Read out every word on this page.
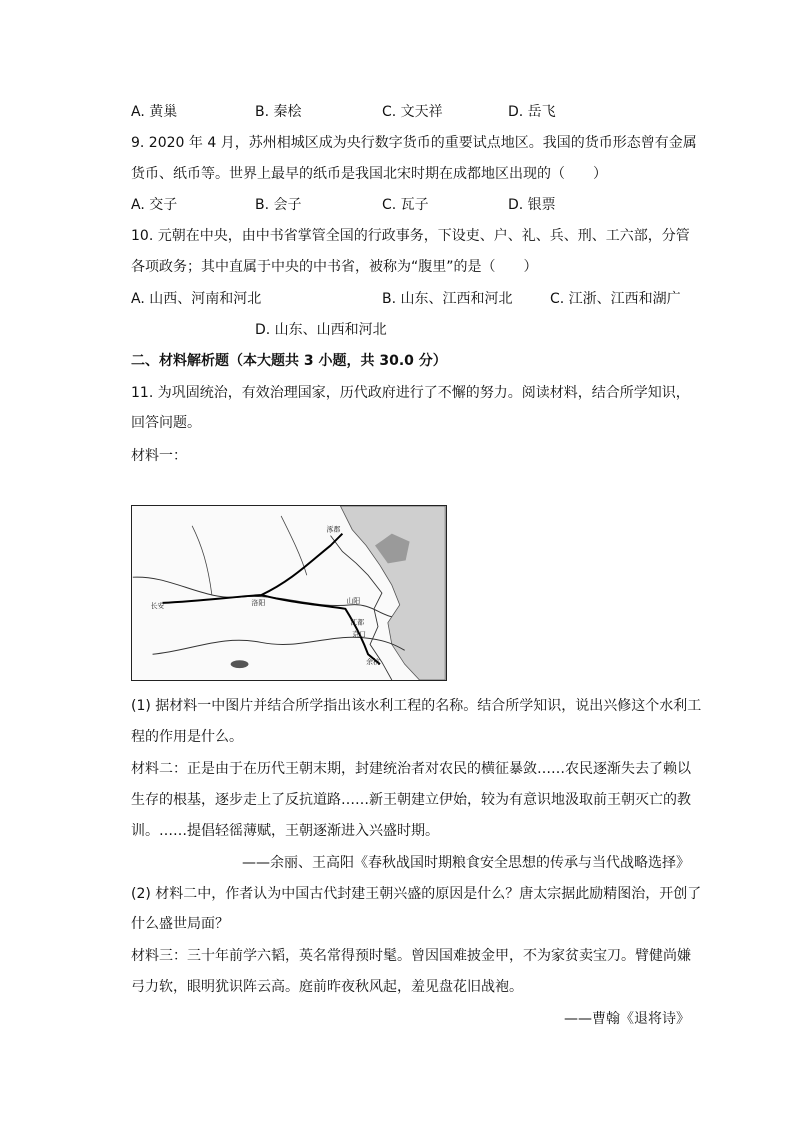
A. 黄巢	B. 秦桧	C. 文天祥	D. 岳飞
9. 2020 年 4 月，苏州相城区成为央行数字货币的重要试点地区。我国的货币形态曾有金属
货币、纸币等。世界上最早的纸币是我国北宋时期在成都地区出现的（　　）
A. 交子	B. 会子	C. 瓦子	D. 银票
10. 元朝在中央，由中书省掌管全国的行政事务，下设吏、户、礼、兵、刑、工六部，分管
各项政务；其中直属于中央的中书省，被称为“腹里”的是（　　）
A. 山西、河南和河北	B. 山东、江西和河北	C. 江浙、江西和湖广
D. 山东、山西和河北
二、材料解析题（本大题共 3 小题，共 30.0 分）
11. 为巩固统治，有效治理国家，历代政府进行了不懈的努力。阅读材料，结合所学知识，
回答问题。
材料一：
长安	洛阳
涿郡
江都
京口
山阳
余杭
(1) 据材料一中图片并结合所学指出该水利工程的名称。结合所学知识，说出兴修这个水利工
程的作用是什么。
材料二：正是由于在历代王朝末期，封建统治者对农民的横征暴敛……农民逐渐失去了赖以
生存的根基，逐步走上了反抗道路……新王朝建立伊始，较为有意识地汲取前王朝灭亡的教
训。……提倡轻徭薄赋，王朝逐渐进入兴盛时期。
——余丽、王高阳《春秋战国时期粮食安全思想的传承与当代战略选择》
(2) 材料二中，作者认为中国古代封建王朝兴盛的原因是什么？唐太宗据此励精图治，开创了
什么盛世局面？
材料三：三十年前学六韬，英名常得预时髦。曾因国难披金甲，不为家贫卖宝刀。臂健尚嫌
弓力软，眼明犹识阵云高。庭前昨夜秋风起，羞见盘花旧战袍。
——曹翰《退将诗》
